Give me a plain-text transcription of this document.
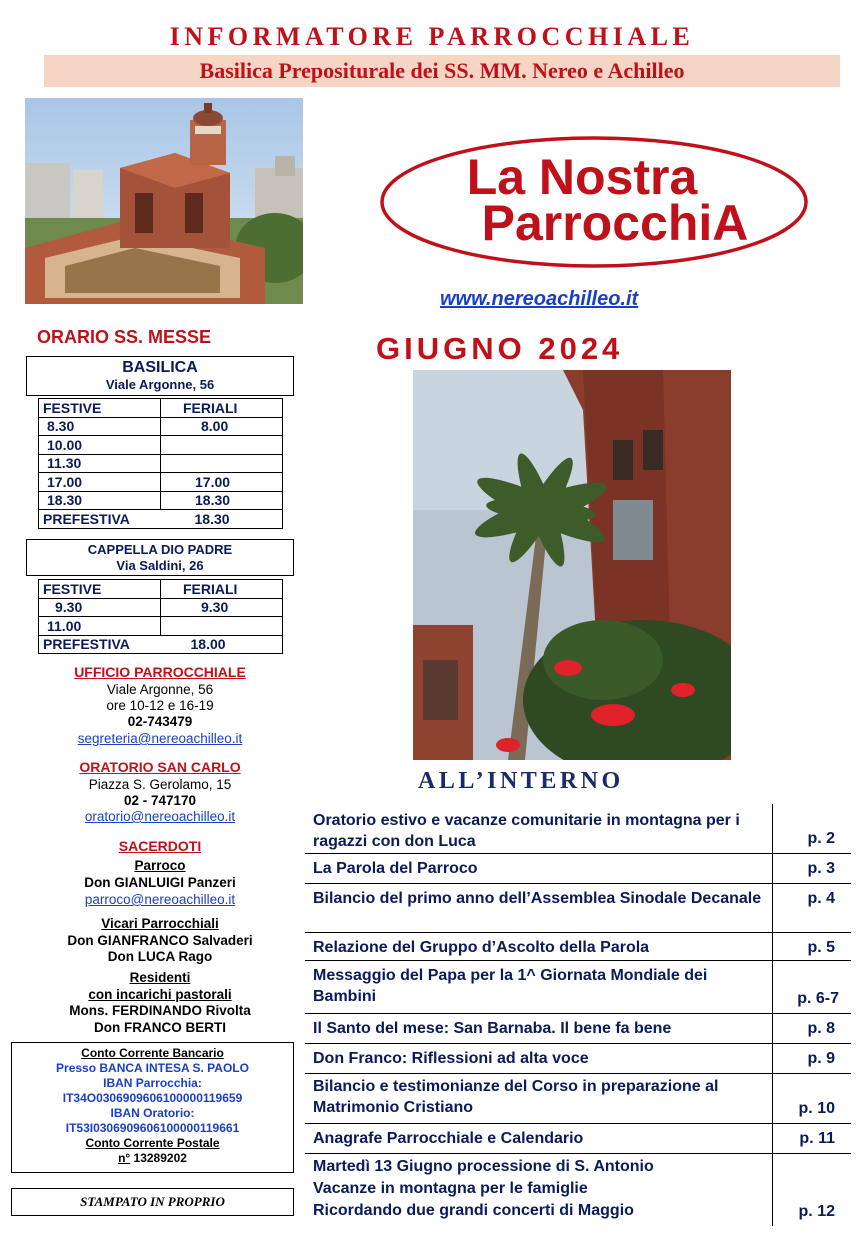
INFORMATORE PARROCCHIALE
Basilica Prepositurale dei SS. MM. Nereo e Achilleo
La Nostra
ParrocchiA
www.nereoachilleo.it
GIUGNO 2024
ORARIO SS. MESSE
BASILICA
Viale Argonne, 56
FESTIVE	FERIALI
8.30	8.00
10.00	
11.30	
17.00	17.00
18.30	18.30
PREFESTIVA	18.30
CAPPELLA DIO PADRE
Via Saldini, 26
FESTIVE	FERIALI
9.30	9.30
11.00	
PREFESTIVA	18.00
UFFICIO PARROCCHIALE
Viale Argonne, 56
ore 10-12 e 16-19
02-743479
segreteria@nereoachilleo.it
ORATORIO SAN CARLO
Piazza S. Gerolamo, 15
02 - 747170
oratorio@nereoachilleo.it
SACERDOTI
Parroco
Don GIANLUIGI Panzeri
parroco@nereoachilleo.it
Vicari Parrocchiali
Don GIANFRANCO Salvaderi
Don LUCA Rago
Residenti
con incarichi pastorali
Mons. FERDINANDO Rivolta
Don FRANCO BERTI
Conto Corrente Bancario
Presso BANCA INTESA S. PAOLO
IBAN Parrocchia:
IT34O0306909606100000119659
IBAN Oratorio:
IT53I0306909606100000119661
Conto Corrente Postale
n° 13289202
STAMPATO IN PROPRIO
ALL’INTERNO
Oratorio estivo e vacanze comunitarie in montagna per i ragazzi con don Luca	p. 2
La Parola del Parroco	p. 3
Bilancio del primo anno dell’Assemblea Sinodale Decanale	p. 4
Relazione del Gruppo d’Ascolto della Parola	p. 5
Messaggio del Papa per la 1^ Giornata Mondiale dei Bambini	p. 6-7
Il Santo del mese: San Barnaba. Il bene fa bene	p. 8
Don Franco: Riflessioni ad alta voce	p. 9
Bilancio e testimonianze del Corso in preparazione al Matrimonio Cristiano	p. 10
Anagrafe Parrocchiale e Calendario	p. 11
Martedì 13 Giugno processione di S. Antonio
Vacanze in montagna per le famiglie
Ricordando due grandi concerti di Maggio	p. 12
